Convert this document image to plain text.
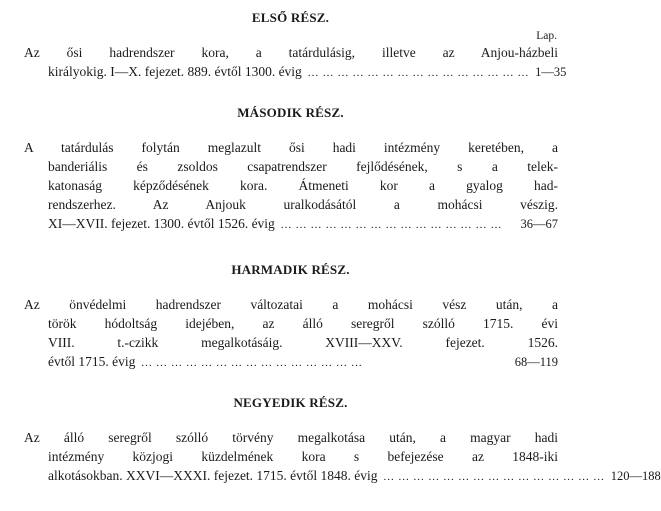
ELSŐ RÉSZ.
Lap.
Az ősi hadrendszer kora, a tatárdulásig, illetve az Anjou-házbeli
királyokig. I—X. fejezet. 889. évtől 1300. évig ... ... ... ... ... ... ... ... ... ... ... ... ... ... ... 1—35
MÁSODIK RÉSZ.
A tatárdulás folytán meglazult ősi hadi intézmény keretében, a
banderiális és zsoldos csapatrendszer fejlődésének, s a telek-
katonaság képződésének kora. Átmeneti kor a gyalog had-
rendszerhez. Az Anjouk uralkodásától a mohácsi vészig.
XI—XVII. fejezet. 1300. évtől 1526. évig ... ... ... ... ... ... ... ... ... ... ... ... ... ... ...	36—67
HARMADIK RÉSZ.
Az önvédelmi hadrendszer változatai a mohácsi vész után, a
török hódoltság idejében, az álló seregről szólló 1715. évi
VIII. t.-czikk megalkotásáig. XVIII—XXV. fejezet. 1526.
évtől 1715. évig ... ... ... ... ... ... ... ... ... ... ... ... ... ... ...	68—119
NEGYEDIK RÉSZ.
Az álló seregről szólló törvény megalkotása után, a magyar hadi
intézmény közjogi küzdelmének kora s befejezése az 1848-iki
alkotásokban. XXVI—XXXI. fejezet. 1715. évtől 1848. évig ... ... ... ... ... ... ... ... ... ... ... ... ... ... ... 120—188
